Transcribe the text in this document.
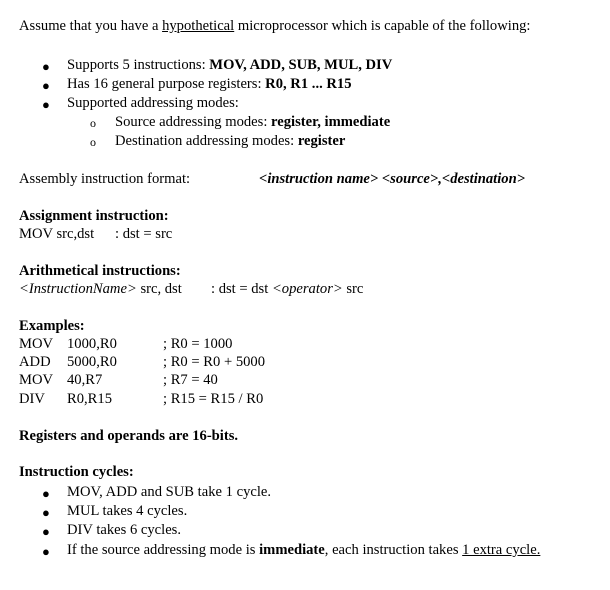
Assume that you have a hypothetical microprocessor which is capable of the following:
● Supports 5 instructions: MOV, ADD, SUB, MUL, DIV
● Has 16 general purpose registers: R0, R1 ... R15
● Supported addressing modes:
o Source addressing modes: register, immediate
o Destination addressing modes: register
Assembly instruction format:	<instruction name> <source>,<destination>
Assignment instruction:
MOV src,dst : dst = src
Arithmetical instructions:
<InstructionName> src, dst : dst = dst <operator> src
Examples:
MOV 1000,R0	; R0 = 1000
ADD 5000,R0	; R0 = R0 + 5000
MOV 40,R7	; R7 = 40
DIV R0,R15	; R15 = R15 / R0
Registers and operands are 16-bits.
Instruction cycles:
● MOV, ADD and SUB take 1 cycle.
● MUL takes 4 cycles.
● DIV takes 6 cycles.
● If the source addressing mode is immediate, each instruction takes 1 extra cycle.
